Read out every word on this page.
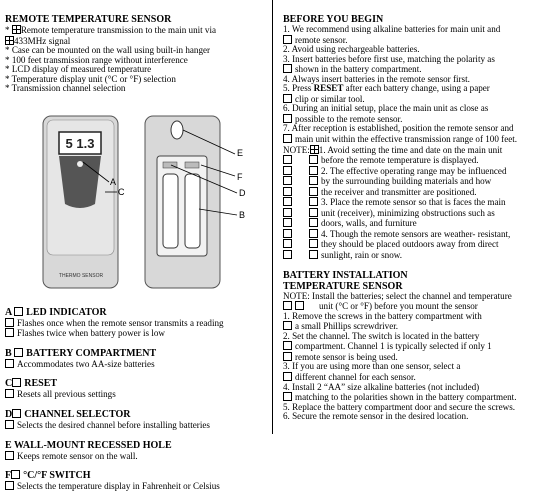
REMOTE TEMPERATURE SENSOR
* Remote temperature transmission to the main unit via
433MHz signal
* Case can be mounted on the wall using built-in hanger
* 100 feet transmission range without interference
* LCD display of measured temperature
* Temperature display unit (°C or °F) selection
* Transmission channel selection
5 1.3
THERMO SENSOR
A
C
E
F
D
B
A LED INDICATOR
Flashes once when the remote sensor transmits a reading
Flashes twice when battery power is low
B BATTERY COMPARTMENT
Accommodates two AA-size batteries
C RESET
Resets all previous settings
D CHANNEL SELECTOR
Selects the desired channel before installing batteries
E WALL-MOUNT RECESSED HOLE
Keeps remote sensor on the wall.
F °C/°F SWITCH
Selects the temperature display in Fahrenheit or Celsius
BEFORE YOU BEGIN
1. We recommend using alkaline batteries for main unit and
remote sensor.
2. Avoid using rechargeable batteries.
3. Insert batteries before first use, matching the polarity as
shown in the battery compartment.
4. Always insert batteries in the remote sensor first.
5. Press RESET after each battery change, using a paper
clip or similar tool.
6. During an initial setup, place the main unit as close as
possible to the remote sensor.
7. After reception is established, position the remote sensor and
main unit within the effective transmission range of 100 feet.
NOTE: 1. Avoid setting the time and date on the main unit
before the remote temperature is displayed.
2. The effective operating range may be influenced
by the surrounding building materials and how
the receiver and transmitter are positioned.
3. Place the remote sensor so that is faces the main
unit (receiver), minimizing obstructions such as
doors, walls, and furniture
4. Though the remote sensors are weather- resistant,
they should be placed outdoors away from direct
sunlight, rain or snow.
BATTERY INSTALLATION
TEMPERATURE SENSOR
NOTE: Install the batteries; select the channel and temperature
unit (°C or °F) before you mount the sensor
1. Remove the screws in the battery compartment with
a small Phillips screwdriver.
2. Set the channel. The switch is located in the battery
compartment. Channel 1 is typically selected if only 1
remote sensor is being used.
3. If you are using more than one sensor, select a
different channel for each sensor.
4. Install 2 “AA” size alkaline batteries (not included)
matching to the polarities shown in the battery compartment.
5. Replace the battery compartment door and secure the screws.
6. Secure the remote sensor in the desired location.
